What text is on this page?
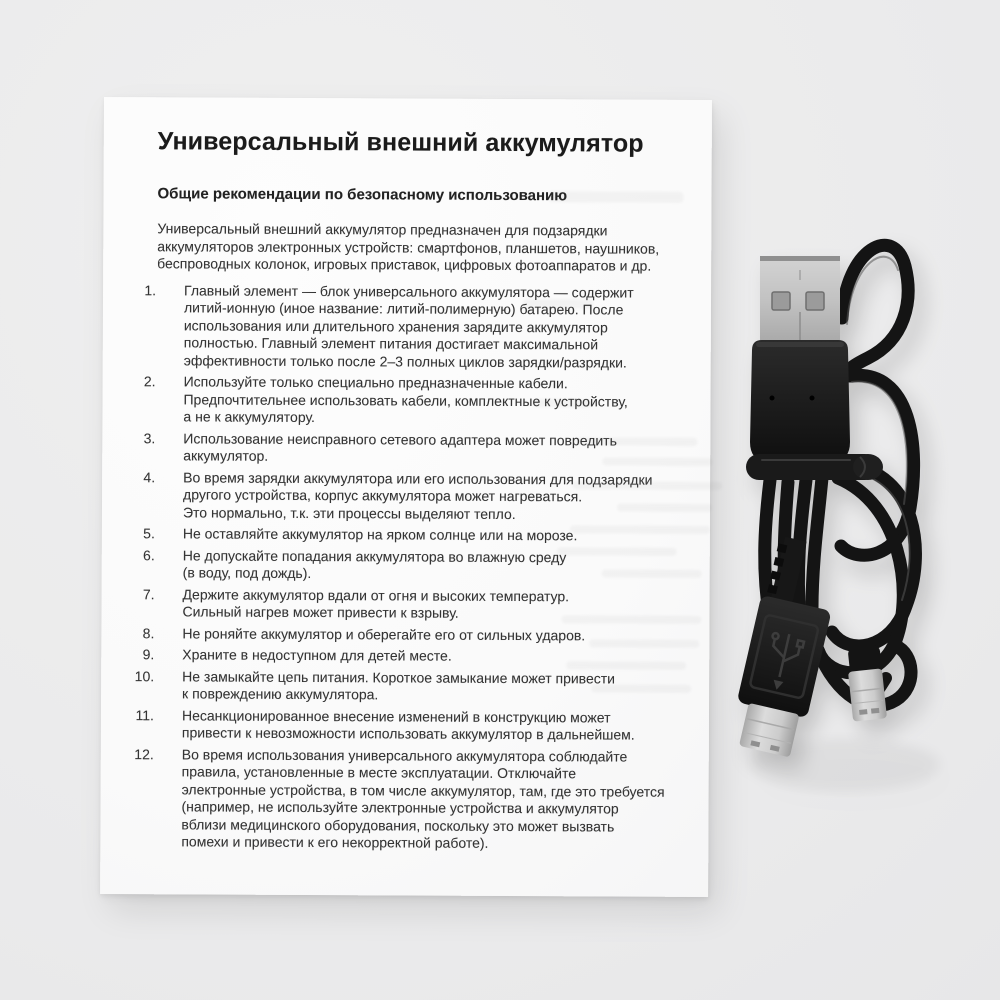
Универсальный внешний аккумулятор
Общие рекомендации по безопасному использованию

Универсальный внешний аккумулятор предназначен для подзарядки
аккумуляторов электронных устройств: смартфонов, планшетов, наушников,
беспроводных колонок, игровых приставок, цифровых фотоаппаратов и др.

1. Главный элемент — блок универсального аккумулятора — содержит
литий-ионную (иное название: литий-полимерную) батарею. После
использования или длительного хранения зарядите аккумулятор
полностью. Главный элемент питания достигает максимальной
эффективности только после 2–3 полных циклов зарядки/разрядки.
2. Используйте только специально предназначенные кабели.
Предпочтительнее использовать кабели, комплектные к устройству,
а не к аккумулятору.
3. Использование неисправного сетевого адаптера может повредить
аккумулятор.
4. Во время зарядки аккумулятора или его использования для подзарядки
другого устройства, корпус аккумулятора может нагреваться.
Это нормально, т.к. эти процессы выделяют тепло.
5. Не оставляйте аккумулятор на ярком солнце или на морозе.
6. Не допускайте попадания аккумулятора во влажную среду
(в воду, под дождь).
7. Держите аккумулятор вдали от огня и высоких температур.
Сильный нагрев может привести к взрыву.
8. Не роняйте аккумулятор и оберегайте его от сильных ударов.
9. Храните в недоступном для детей месте.
10. Не замыкайте цепь питания. Короткое замыкание может привести
к повреждению аккумулятора.
11. Несанкционированное внесение изменений в конструкцию может
привести к невозможности использовать аккумулятор в дальнейшем.
12. Во время использования универсального аккумулятора соблюдайте
правила, установленные в месте эксплуатации. Отключайте
электронные устройства, в том числе аккумулятор, там, где это требуется
(например, не используйте электронные устройства и аккумулятор
вблизи медицинского оборудования, поскольку это может вызвать
помехи и привести к его некорректной работе).
